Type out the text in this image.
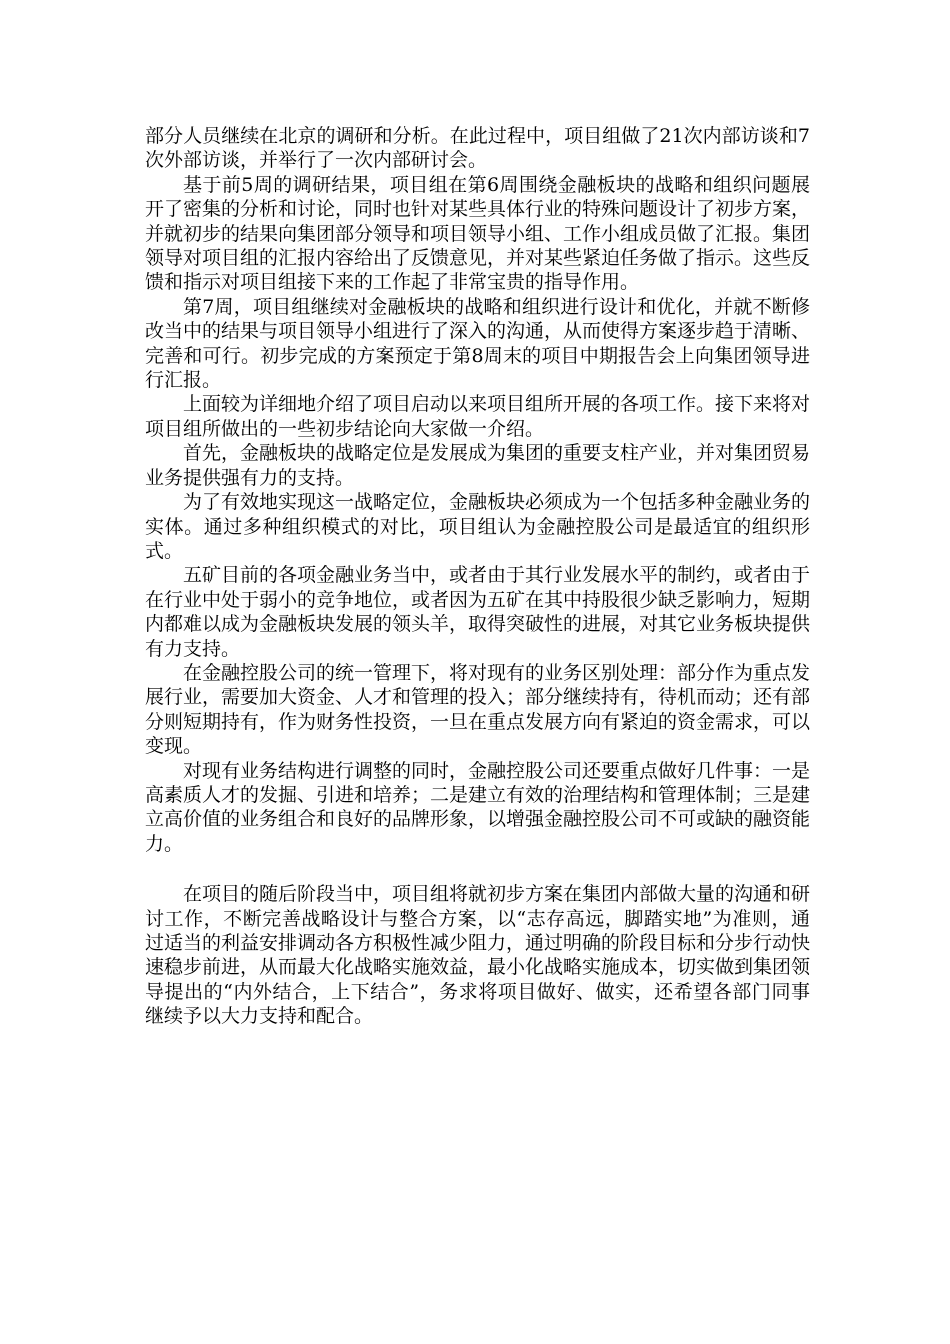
部分人员继续在北京的调研和分析。在此过程中，项目组做了21次内部访谈和7次外部访谈，并举行了一次内部研讨会。

基于前5周的调研结果，项目组在第6周围绕金融板块的战略和组织问题展开了密集的分析和讨论，同时也针对某些具体行业的特殊问题设计了初步方案，并就初步的结果向集团部分领导和项目领导小组、工作小组成员做了汇报。集团领导对项目组的汇报内容给出了反馈意见，并对某些紧迫任务做了指示。这些反馈和指示对项目组接下来的工作起了非常宝贵的指导作用。

第7周，项目组继续对金融板块的战略和组织进行设计和优化，并就不断修改当中的结果与项目领导小组进行了深入的沟通，从而使得方案逐步趋于清晰、完善和可行。初步完成的方案预定于第8周末的项目中期报告会上向集团领导进行汇报。

上面较为详细地介绍了项目启动以来项目组所开展的各项工作。接下来将对项目组所做出的一些初步结论向大家做一介绍。

首先，金融板块的战略定位是发展成为集团的重要支柱产业，并对集团贸易业务提供强有力的支持。

为了有效地实现这一战略定位，金融板块必须成为一个包括多种金融业务的实体。通过多种组织模式的对比，项目组认为金融控股公司是最适宜的组织形式。

五矿目前的各项金融业务当中，或者由于其行业发展水平的制约，或者由于在行业中处于弱小的竞争地位，或者因为五矿在其中持股很少缺乏影响力，短期内都难以成为金融板块发展的领头羊，取得突破性的进展，对其它业务板块提供有力支持。

在金融控股公司的统一管理下，将对现有的业务区别处理：部分作为重点发展行业，需要加大资金、人才和管理的投入；部分继续持有，待机而动；还有部分则短期持有，作为财务性投资，一旦在重点发展方向有紧迫的资金需求，可以变现。

对现有业务结构进行调整的同时，金融控股公司还要重点做好几件事：一是高素质人才的发掘、引进和培养；二是建立有效的治理结构和管理体制；三是建立高价值的业务组合和良好的品牌形象，以增强金融控股公司不可或缺的融资能力。

在项目的随后阶段当中，项目组将就初步方案在集团内部做大量的沟通和研讨工作，不断完善战略设计与整合方案，以“志存高远，脚踏实地”为准则，通过适当的利益安排调动各方积极性减少阻力，通过明确的阶段目标和分步行动快速稳步前进，从而最大化战略实施效益，最小化战略实施成本，切实做到集团领导提出的“内外结合，上下结合”，务求将项目做好、做实，还希望各部门同事继续予以大力支持和配合。
